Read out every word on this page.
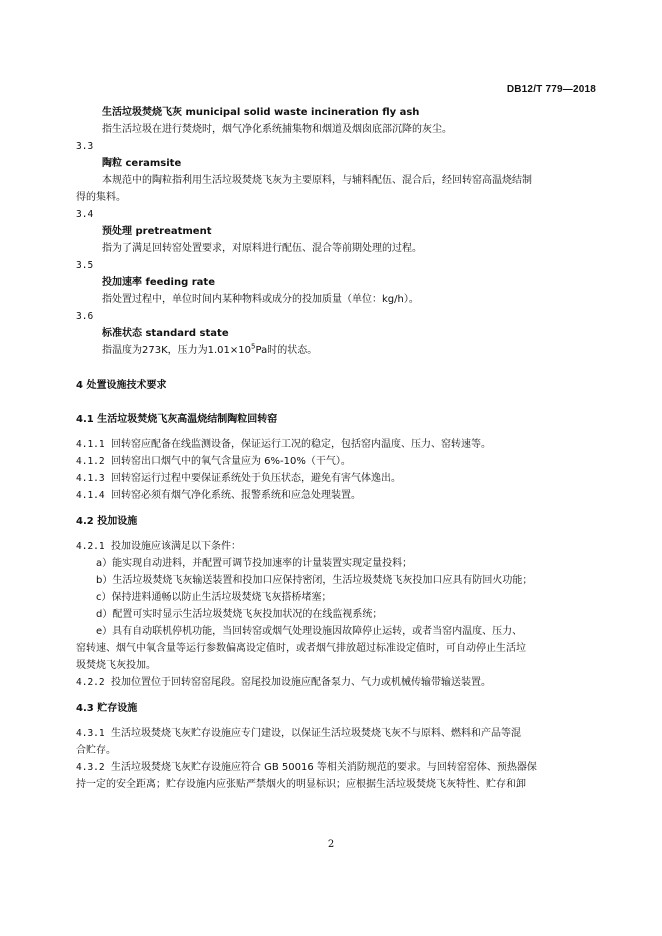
DB12/T 779—2018
生活垃圾焚烧飞灰 municipal solid waste incineration fly ash
指生活垃圾在进行焚烧时，烟气净化系统捕集物和烟道及烟囱底部沉降的灰尘。
3.3
陶粒 ceramsite
本规范中的陶粒指利用生活垃圾焚烧飞灰为主要原料，与辅料配伍、混合后，经回转窑高温烧结制
得的集料。
3.4
预处理 pretreatment
指为了满足回转窑处置要求，对原料进行配伍、混合等前期处理的过程。
3.5
投加速率 feeding rate
指处置过程中，单位时间内某种物料或成分的投加质量（单位：kg/h）。
3.6
标准状态 standard state
指温度为273K，压力为$1.01\times 10^5Pa$时的状态。
4 处置设施技术要求
4.1 生活垃圾焚烧飞灰高温烧结制陶粒回转窑
4.1.1 回转窑应配备在线监测设备，保证运行工况的稳定，包括窑内温度、压力、窑转速等。
4.1.2 回转窑出口烟气中的氧气含量应为 6%-10%（干气）。
4.1.3 回转窑运行过程中要保证系统处于负压状态，避免有害气体逸出。
4.1.4 回转窑必须有烟气净化系统、报警系统和应急处理装置。
4.2 投加设施
4.2.1 投加设施应该满足以下条件：
a）能实现自动进料，并配置可调节投加速率的计量装置实现定量投料；
b）生活垃圾焚烧飞灰输送装置和投加口应保持密闭，生活垃圾焚烧飞灰投加口应具有防回火功能；
c）保持进料通畅以防止生活垃圾焚烧飞灰搭桥堵塞；
d）配置可实时显示生活垃圾焚烧飞灰投加状况的在线监视系统；
e）具有自动联机停机功能，当回转窑或烟气处理设施因故障停止运转，或者当窑内温度、压力、
窑转速、烟气中氧含量等运行参数偏离设定值时，或者烟气排放超过标准设定值时，可自动停止生活垃
圾焚烧飞灰投加。
4.2.2 投加位置位于回转窑窑尾段。窑尾投加设施应配备泵力、气力或机械传输带输送装置。
4.3 贮存设施
4.3.1 生活垃圾焚烧飞灰贮存设施应专门建设，以保证生活垃圾焚烧飞灰不与原料、燃料和产品等混
合贮存。
4.3.2 生活垃圾焚烧飞灰贮存设施应符合 GB 50016 等相关消防规范的要求。与回转窑窑体、预热器保
持一定的安全距离；贮存设施内应张贴严禁烟火的明显标识；应根据生活垃圾焚烧飞灰特性、贮存和卸
2
